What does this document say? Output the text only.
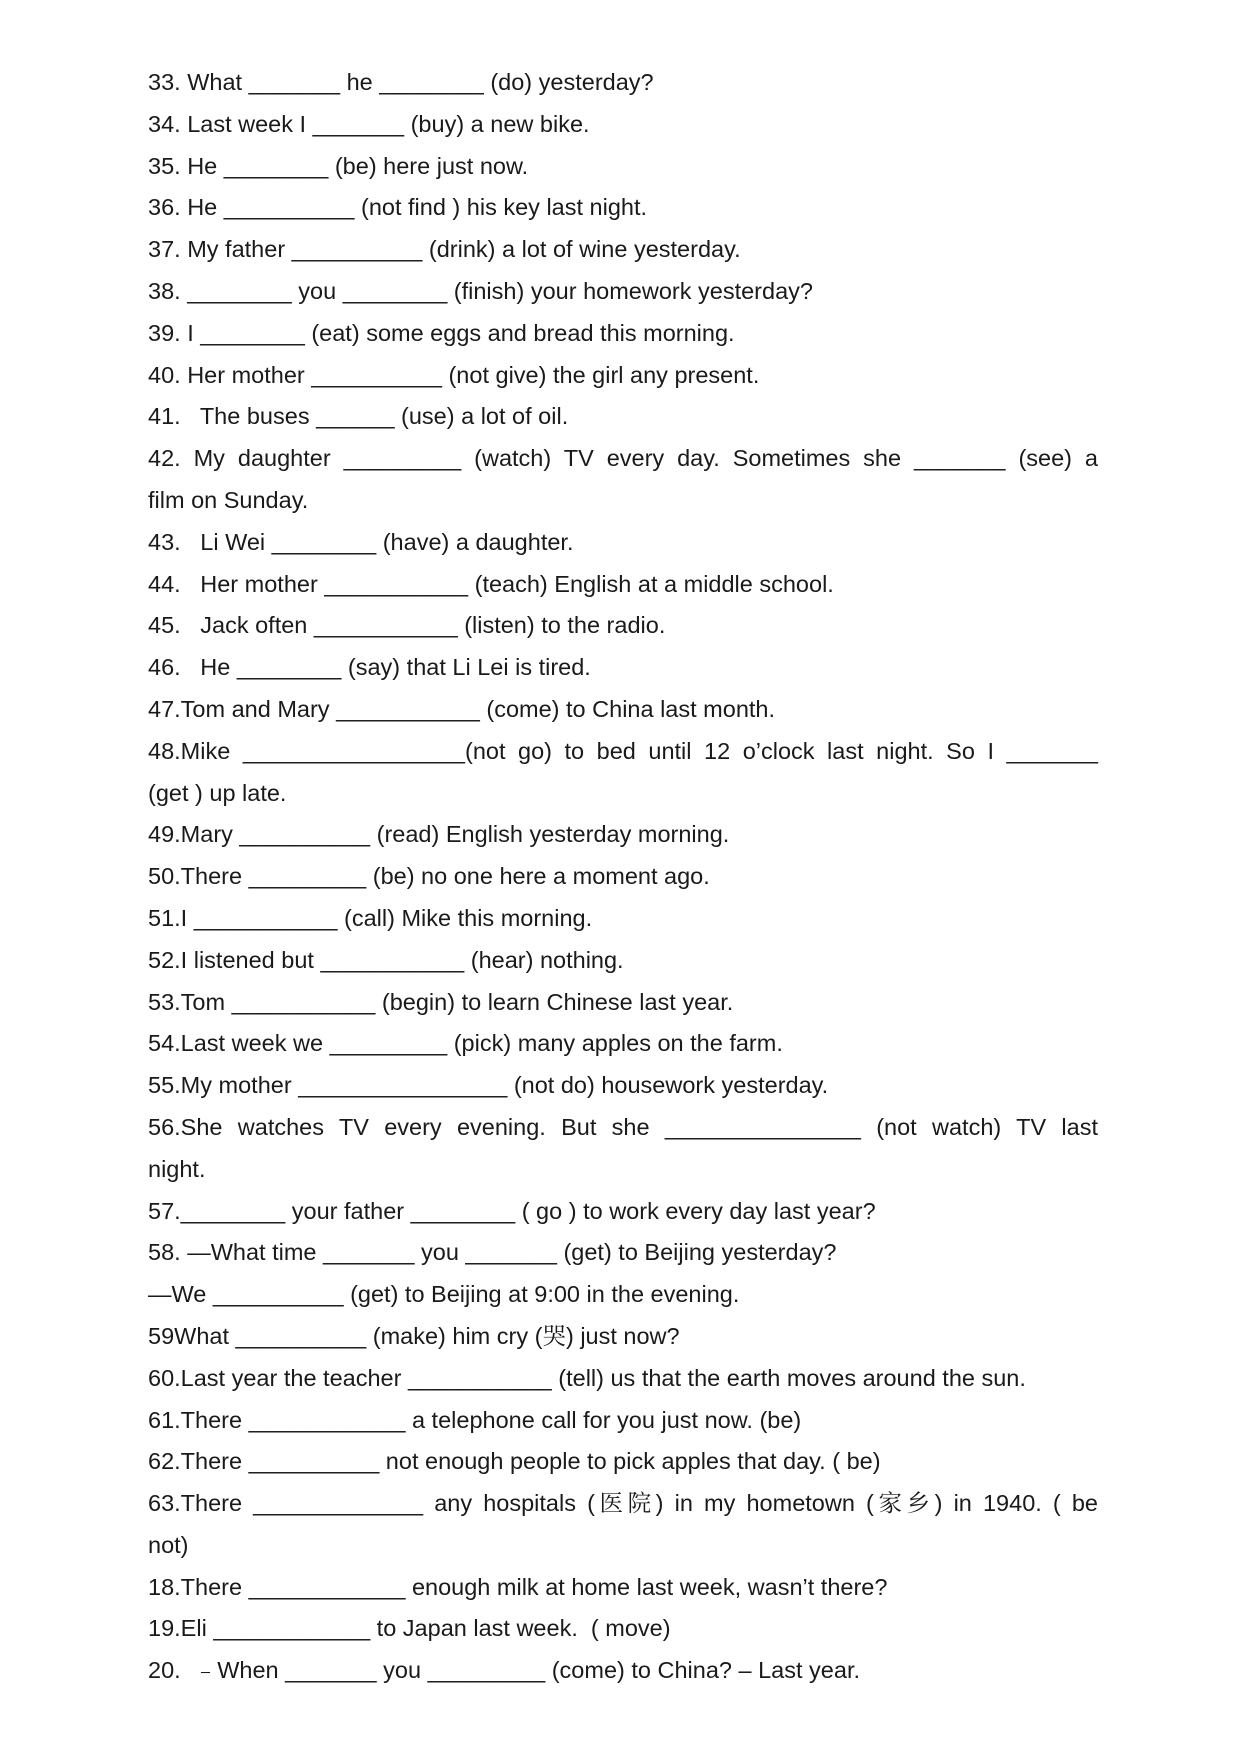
33. What _______ he ________ (do) yesterday?
34. Last week I _______ (buy) a new bike.
35. He ________ (be) here just now.
36. He __________ (not find ) his key last night.
37. My father __________ (drink) a lot of wine yesterday.
38. ________ you ________ (finish) your homework yesterday?
39. I ________ (eat) some eggs and bread this morning.
40. Her mother __________ (not give) the girl any present.
41.   The buses ______ (use) a lot of oil.
42. My daughter _________ (watch) TV every day. Sometimes she _______ (see) a
film on Sunday.
43.   Li Wei ________ (have) a daughter.
44.   Her mother ___________ (teach) English at a middle school.
45.   Jack often ___________ (listen) to the radio.
46.   He ________ (say) that Li Lei is tired.
47.Tom and Mary ___________ (come) to China last month.
48.Mike _________________(not go) to bed until 12 o’clock last night. So I _______
(get ) up late.
49.Mary __________ (read) English yesterday morning.
50.There _________ (be) no one here a moment ago.
51.I ___________ (call) Mike this morning.
52.I listened but ___________ (hear) nothing.
53.Tom ___________ (begin) to learn Chinese last year.
54.Last week we _________ (pick) many apples on the farm.
55.My mother ________________ (not do) housework yesterday.
56.She watches TV every evening. But she _______________ (not watch) TV last
night.
57.________ your father ________ ( go ) to work every day last year?
58. —What time _______ you _______ (get) to Beijing yesterday?
—We __________ (get) to Beijing at 9:00 in the evening.
59What __________ (make) him cry (哭) just now?
60.Last year the teacher ___________ (tell) us that the earth moves around the sun.
61.There ____________ a telephone call for you just now. (be)
62.There __________ not enough people to pick apples that day. ( be)
63.There _____________ any hospitals (医院) in my hometown (家乡) in 1940. ( be
not)
18.There ____________ enough milk at home last week, wasn’t there?
19.Eli ____________ to Japan last week.  ( move)
20.  ﹣When _______ you _________ (come) to China? – Last year.
